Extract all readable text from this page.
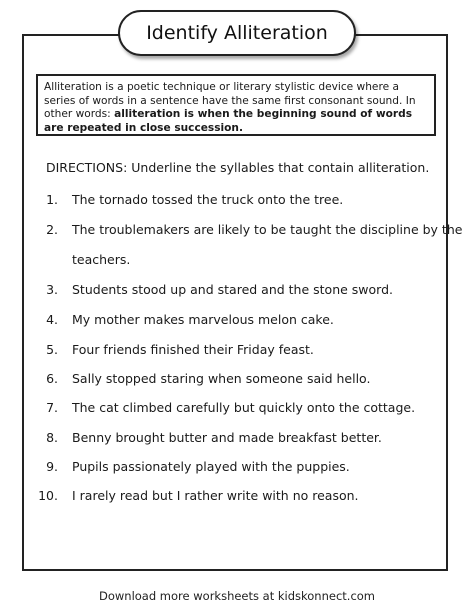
Identify Alliteration
Alliteration is a poetic technique or literary stylistic device where a series of words in a sentence have the same first consonant sound. In other words: alliteration is when the beginning sound of words are repeated in close succession.
DIRECTIONS: Underline the syllables that contain alliteration.
1. The tornado tossed the truck onto the tree.
2. The troublemakers are likely to be taught the discipline by the
teachers.
3. Students stood up and stared and the stone sword.
4. My mother makes marvelous melon cake.
5. Four friends finished their Friday feast.
6. Sally stopped staring when someone said hello.
7. The cat climbed carefully but quickly onto the cottage.
8. Benny brought butter and made breakfast better.
9. Pupils passionately played with the puppies.
10. I rarely read but I rather write with no reason.
Download more worksheets at kidskonnect.com
